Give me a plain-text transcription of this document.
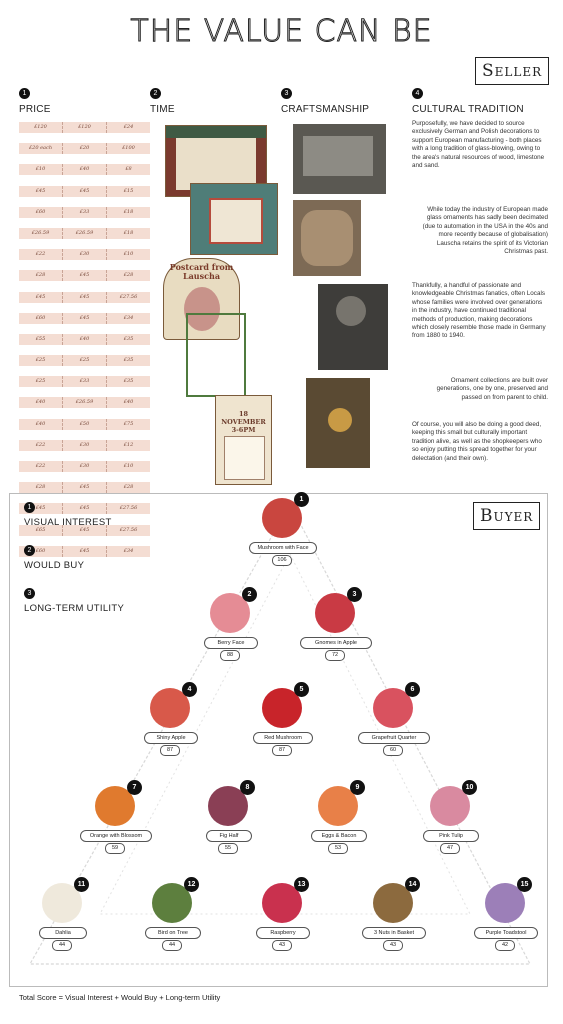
THE VALUE CAN BE
Seller
1
PRICE
2
TIME
3
CRAFTSMANSHIP
4
CULTURAL TRADITION
£120	£120	£24
£20 each	£20	£100
£10	£40	£8
£45	£45	£15
£60	£33	£18
£26.59	£26.59	£18
£22	£30	£10
£28	£45	£28
£45	£45	£27.56
£60	£45	£34
£55	£40	£35
£25	£25	£35
£25	£33	£35
£40	£26.59	£40
£40	£50	£75
£22	£30	£12
£22	£30	£10
£28	£45	£28
£45	£45	£27.56
£65	£45	£27.56
£60	£45	£34
Postcard from Lauscha
18 NOVEMBER 3-6PM
Purposefully, we have decided to source exclusively German and Polish decorations to support European manufacturing - both places with a long tradition of glass-blowing, owing to the area's natural resources of wood, limestone and sand.
While today the industry of European made glass ornaments has sadly been decimated (due to automation in the USA in the 40s and more recently because of globalisation) Lauscha retains the spirit of its Victorian Christmas past.
Thankfully, a handful of passionate and knowledgeable Christmas fanatics, often Locals whose families were involved over generations in the industry, have continued traditional methods of production, making decorations which closely resemble those made in Germany from 1880 to 1940.
Ornament collections are built over generations, one by one, preserved and passed on from parent to child.
Of course, you will also be doing a good deed, keeping this small but culturally important tradition alive, as well as the shopkeepers who so enjoy putting this spread together for your delectation (and their own).
Buyer
1
VISUAL INTEREST
2
WOULD BUY
3
LONG-TERM UTILITY
1
Mushroom with Face
106
2
Berry Face
88
3
Gnomes in Apple
72
4
Shiny Apple
87
5
Red Mushroom
87
6
Grapefruit Quarter
60
7
Orange with Blossom
59
8
Fig Half
55
9
Eggs & Bacon
53
10
Pink Tulip
47
11
Dahlia
44
12
Bird on Tree
44
13
Raspberry
43
14
3 Nuts in Basket
43
15
Purple Toadstool
42
Total Score = Visual Interest + Would Buy + Long-term Utility
